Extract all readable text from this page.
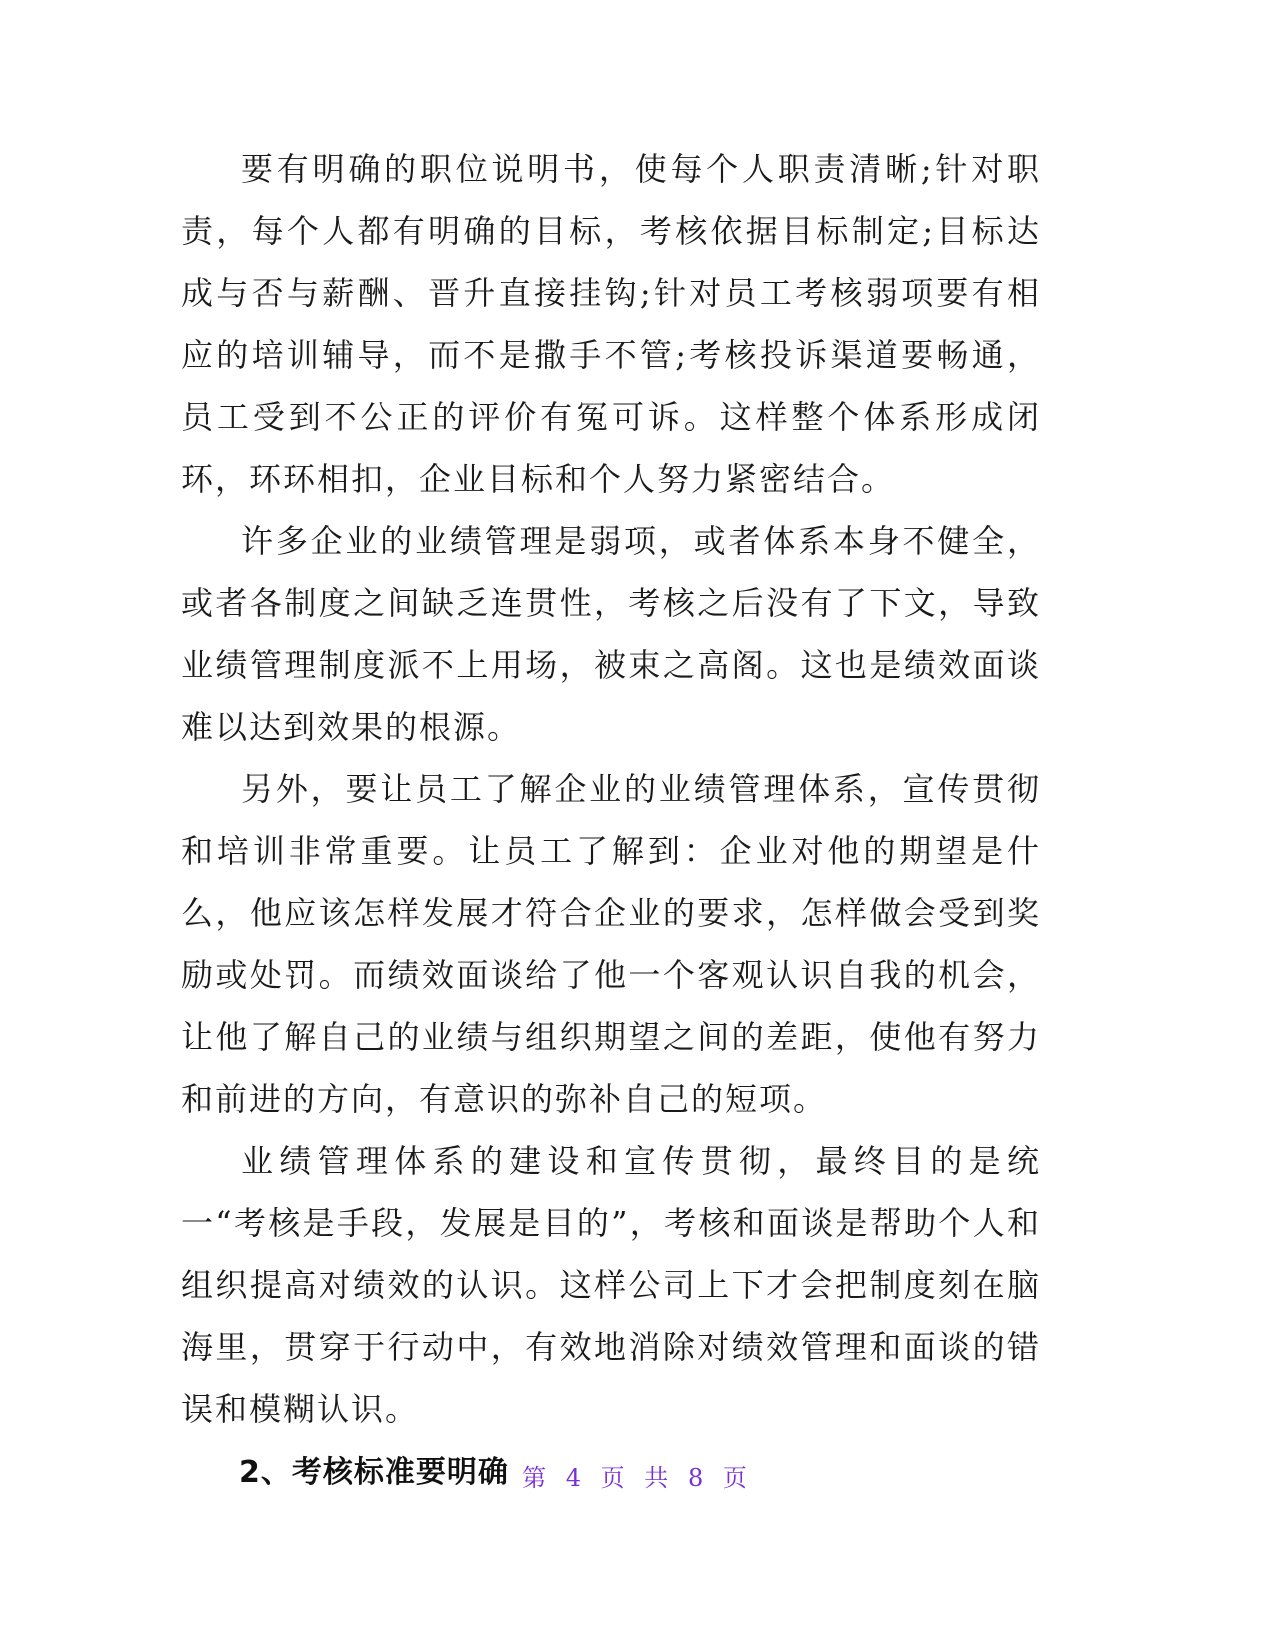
要有明确的职位说明书，使每个人职责清晰;针对职责，每个人都有明确的目标，考核依据目标制定;目标达成与否与薪酬、晋升直接挂钩;针对员工考核弱项要有相应的培训辅导，而不是撒手不管;考核投诉渠道要畅通，员工受到不公正的评价有冤可诉。这样整个体系形成闭环，环环相扣，企业目标和个人努力紧密结合。

许多企业的业绩管理是弱项，或者体系本身不健全，或者各制度之间缺乏连贯性，考核之后没有了下文，导致业绩管理制度派不上用场，被束之高阁。这也是绩效面谈难以达到效果的根源。

另外，要让员工了解企业的业绩管理体系，宣传贯彻和培训非常重要。让员工了解到：企业对他的期望是什么，他应该怎样发展才符合企业的要求，怎样做会受到奖励或处罚。而绩效面谈给了他一个客观认识自我的机会，让他了解自己的业绩与组织期望之间的差距，使他有努力和前进的方向，有意识的弥补自己的短项。

业绩管理体系的建设和宣传贯彻，最终目的是统一“考核是手段，发展是目的”，考核和面谈是帮助个人和组织提高对绩效的认识。这样公司上下才会把制度刻在脑海里，贯穿于行动中，有效地消除对绩效管理和面谈的错误和模糊认识。

2、考核标准要明确 第 4 页 共 8 页
